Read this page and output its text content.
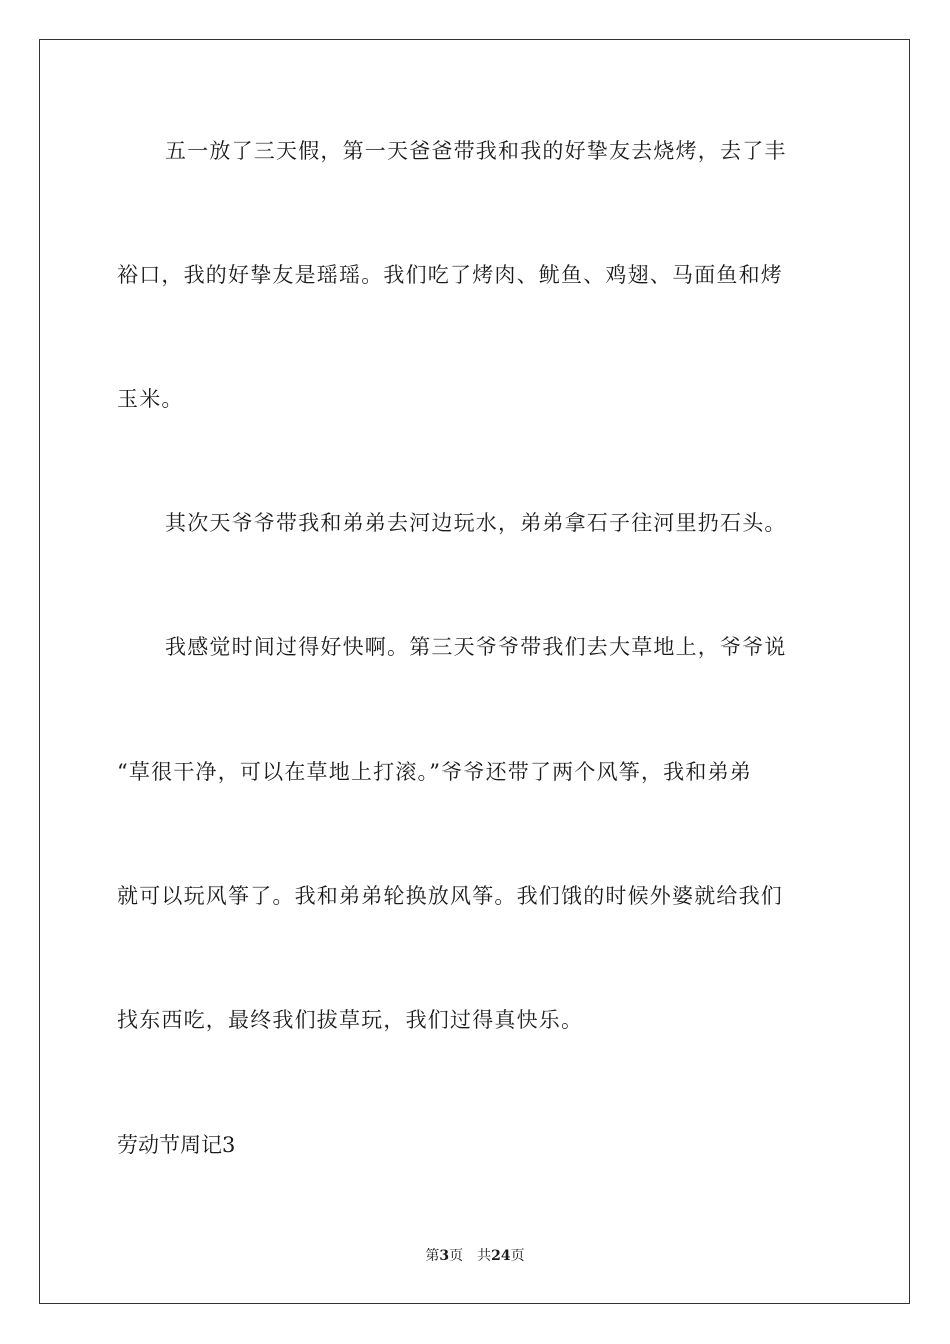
五一放了三天假，第一天爸爸带我和我的好挚友去烧烤，去了丰
裕口，我的好挚友是瑶瑶。我们吃了烤肉、鱿鱼、鸡翅、马面鱼和烤
玉米。
其次天爷爷带我和弟弟去河边玩水，弟弟拿石子往河里扔石头。
我感觉时间过得好快啊。第三天爷爷带我们去大草地上，爷爷说
“草很干净，可以在草地上打滚。”爷爷还带了两个风筝，我和弟弟
就可以玩风筝了。我和弟弟轮换放风筝。我们饿的时候外婆就给我们
找东西吃，最终我们拔草玩，我们过得真快乐。
劳动节周记3
第3页 共24页
